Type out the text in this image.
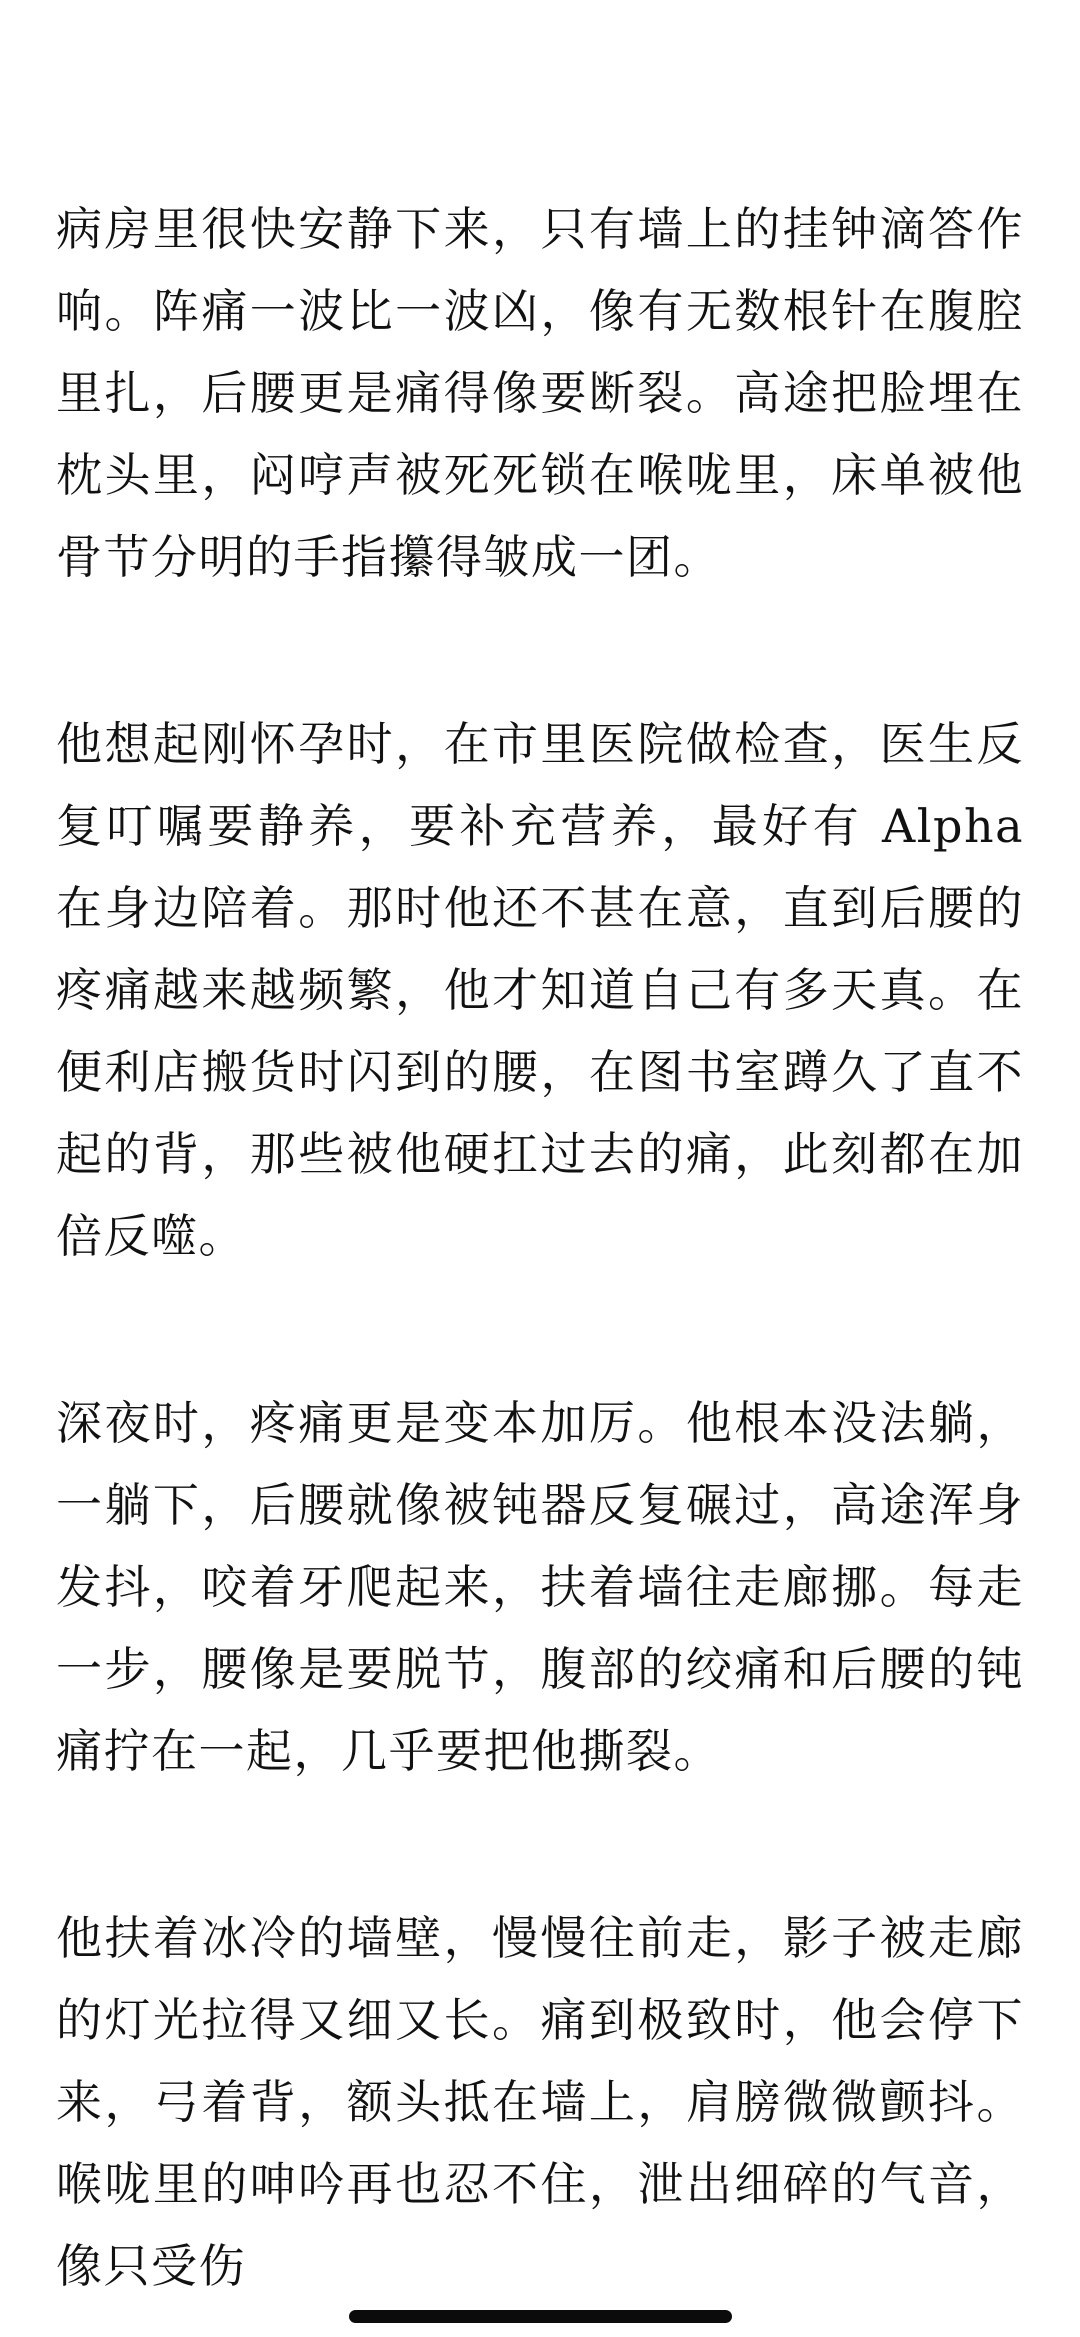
病房里很快安静下来，只有墙上的挂钟滴答作响。阵痛一波比一波凶，像有无数根针在腹腔里扎，后腰更是痛得像要断裂。高途把脸埋在枕头里，闷哼声被死死锁在喉咙里，床单被他骨节分明的手指攥得皱成一团。

他想起刚怀孕时，在市里医院做检查，医生反复叮嘱要静养，要补充营养，最好有 Alpha 在身边陪着。那时他还不甚在意，直到后腰的疼痛越来越频繁，他才知道自己有多天真。在便利店搬货时闪到的腰，在图书室蹲久了直不起的背，那些被他硬扛过去的痛，此刻都在加倍反噬。

深夜时，疼痛更是变本加厉。他根本没法躺，一躺下，后腰就像被钝器反复碾过，高途浑身发抖，咬着牙爬起来，扶着墙往走廊挪。每走一步，腰像是要脱节，腹部的绞痛和后腰的钝痛拧在一起，几乎要把他撕裂。

他扶着冰冷的墙壁，慢慢往前走，影子被走廊的灯光拉得又细又长。痛到极致时，他会停下来，弓着背，额头抵在墙上，肩膀微微颤抖。喉咙里的呻吟再也忍不住，泄出细碎的气音，像只受伤
